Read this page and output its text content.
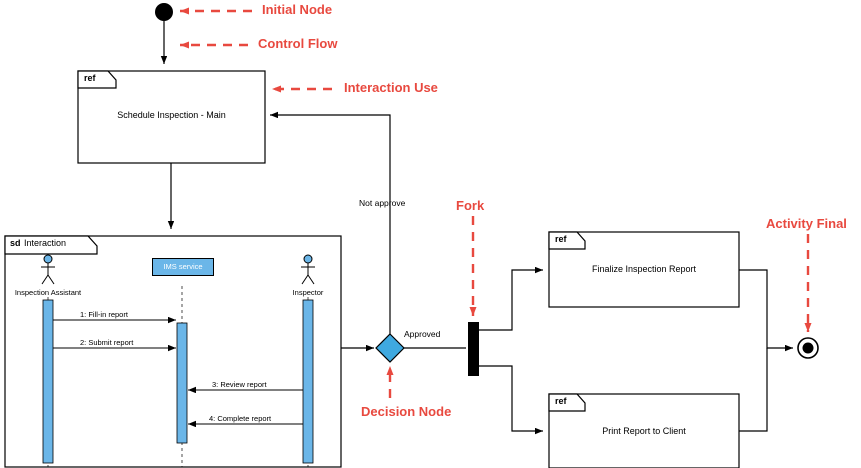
Initial Node
Control Flow
Interaction Use
Fork
Activity Final
Decision Node
ref
Schedule Inspection - Main
ref
Finalize Inspection Report
ref
Print Report to Client
sd Interaction
Inspection Assistant
IMS service
Inspector
1: Fill-in report
2: Submit report
3: Review report
4: Complete report
Not approve
Approved
